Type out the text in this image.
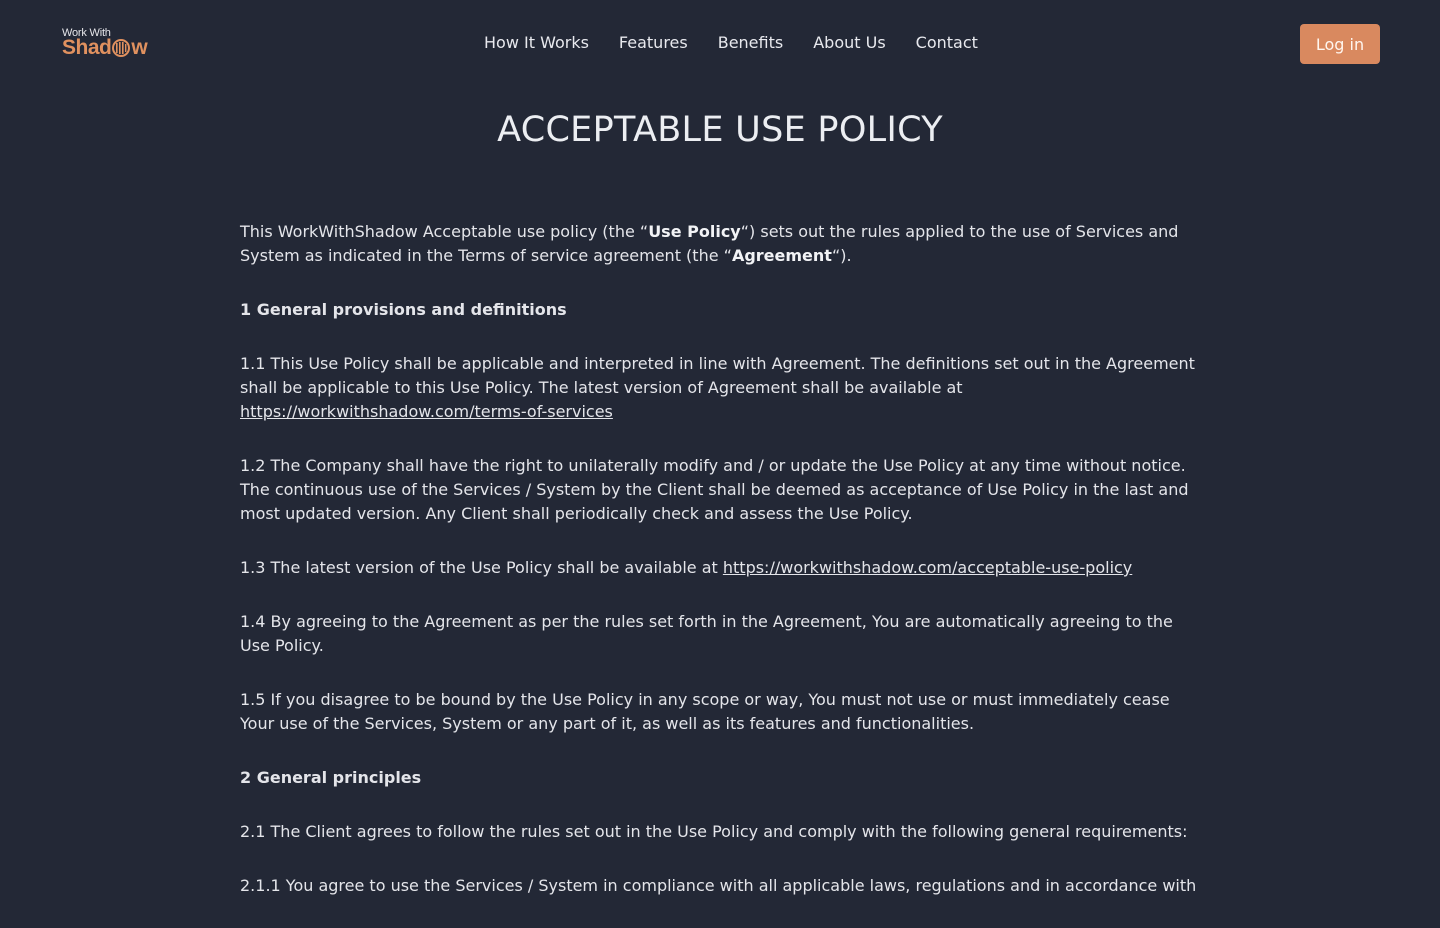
Work With
Shad w	How It Works Features Benefits About Us Contact	Log in
ACCEPTABLE USE POLICY

This WorkWithShadow Acceptable use policy (the “Use Policy“) sets out the rules applied to the use of Services and System as indicated in the Terms of service agreement (the “Agreement“).

1 General provisions and definitions

1.1 This Use Policy shall be applicable and interpreted in line with Agreement. The definitions set out in the Agreement shall be applicable to this Use Policy. The latest version of Agreement shall be available at https://workwithshadow.com/terms-of-services

1.2 The Company shall have the right to unilaterally modify and / or update the Use Policy at any time without notice. The continuous use of the Services / System by the Client shall be deemed as acceptance of Use Policy in the last and most updated version. Any Client shall periodically check and assess the Use Policy.

1.3 The latest version of the Use Policy shall be available at https://workwithshadow.com/acceptable-use-policy

1.4 By agreeing to the Agreement as per the rules set forth in the Agreement, You are automatically agreeing to the Use Policy.

1.5 If you disagree to be bound by the Use Policy in any scope or way, You must not use or must immediately cease Your use of the Services, System or any part of it, as well as its features and functionalities.

2 General principles

2.1 The Client agrees to follow the rules set out in the Use Policy and comply with the following general requirements:

2.1.1 You agree to use the Services / System in compliance with all applicable laws, regulations and in accordance with
